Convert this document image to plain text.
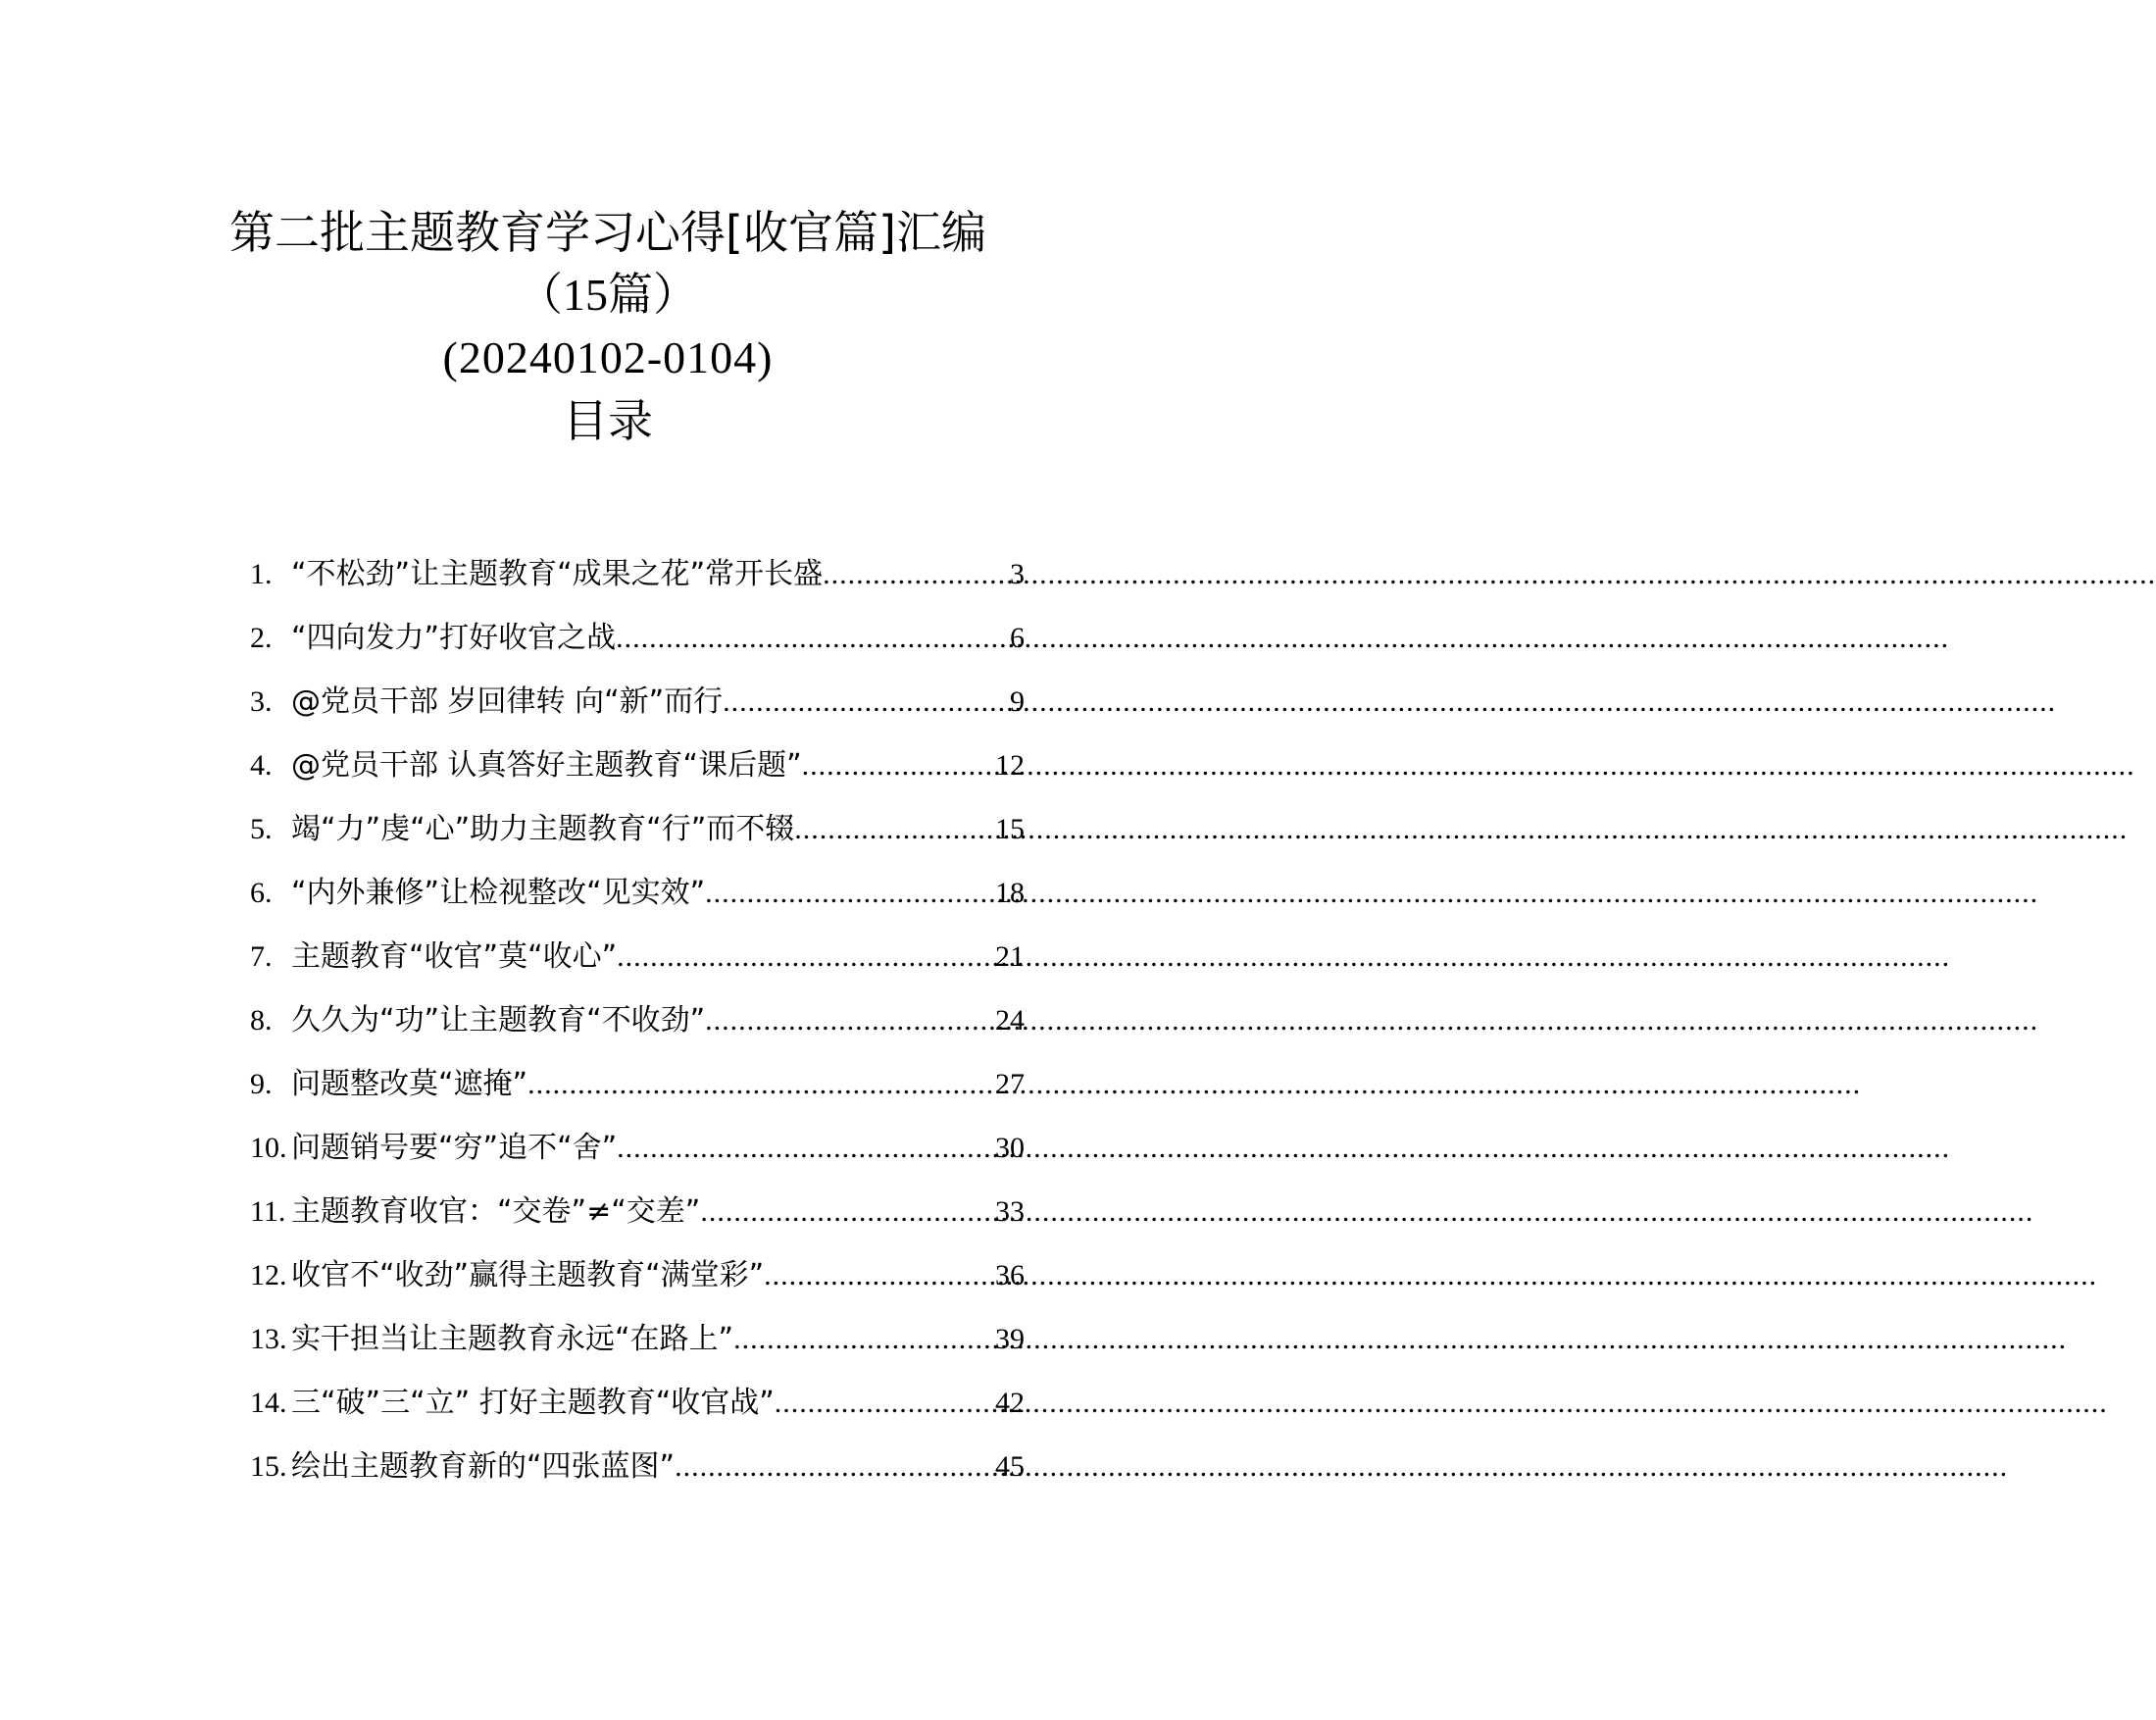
第二批主题教育学习心得[收官篇]汇编
（15篇）
(20240102-0104)
目录
1. “不松劲”让主题教育“成果之花”常开长盛 .....	3
2. “四向发力”打好收官之战 .....	6
3. @党员干部 岁回律转 向“新”而行 .....	9
4. @党员干部 认真答好主题教育“课后题” .....	12
5. 竭“力”虔“心”助力主题教育“行”而不辍 .....	15
6. “内外兼修”让检视整改“见实效” .....	18
7. 主题教育“收官”莫“收心” .....	21
8. 久久为“功”让主题教育“不收劲” .....	24
9. 问题整改莫“遮掩” .....	27
10. 问题销号要“穷”追不“舍” .....	30
11. 主题教育收官：“交卷”≠“交差” .....	33
12. 收官不“收劲”赢得主题教育“满堂彩” .....	36
13. 实干担当让主题教育永远“在路上” .....	39
14. 三“破”三“立” 打好主题教育“收官战” .....	42
15. 绘出主题教育新的“四张蓝图” .....	45
